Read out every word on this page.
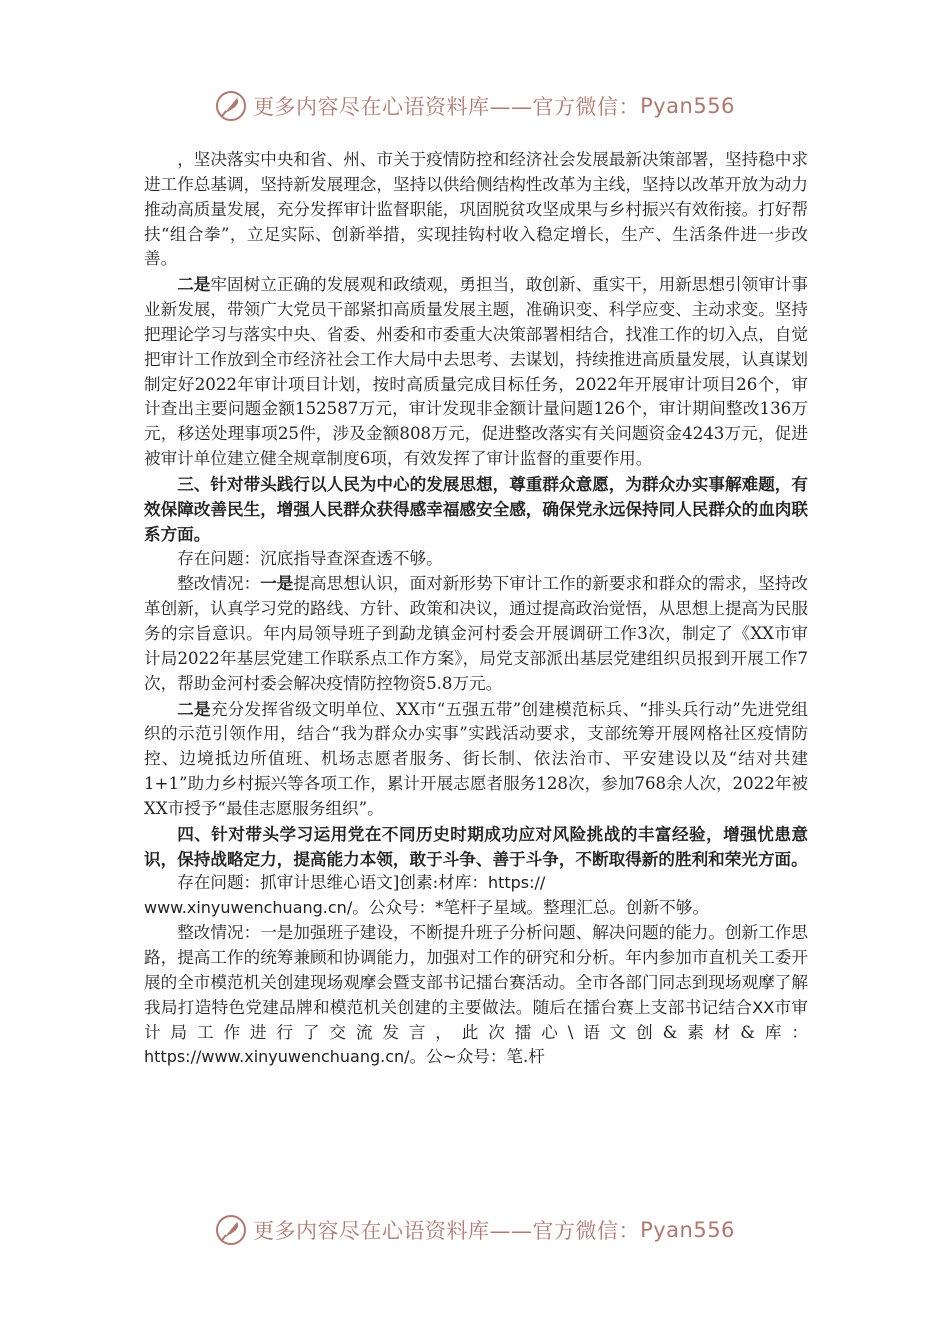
更多内容尽在心语资料库——官方微信： Pyan556

，坚决落实中央和省、州、市关于疫情防控和经济社会发展最新决策部署，坚持稳中求进工作总基调，坚持新发展理念，坚持以供给侧结构性改革为主线，坚持以改革开放为动力推动高质量发展，充分发挥审计监督职能，巩固脱贫攻坚成果与乡村振兴有效衔接。打好帮扶“组合拳”，立足实际、创新举措，实现挂钩村收入稳定增长，生产、生活条件进一步改善。

二是牢固树立正确的发展观和政绩观，勇担当，敢创新、重实干，用新思想引领审计事业新发展，带领广大党员干部紧扣高质量发展主题，准确识变、科学应变、主动求变。坚持把理论学习与落实中央、省委、州委和市委重大决策部署相结合，找准工作的切入点，自觉把审计工作放到全市经济社会工作大局中去思考、去谋划，持续推进高质量发展，认真谋划制定好2022年审计项目计划，按时高质量完成目标任务，2022年开展审计项目26个，审计查出主要问题金额152587万元，审计发现非金额计量问题126个，审计期间整改136万元，移送处理事项25件，涉及金额808万元，促进整改落实有关问题资金4243万元，促进被审计单位建立健全规章制度6项，有效发挥了审计监督的重要作用。

三、针对带头践行以人民为中心的发展思想，尊重群众意愿，为群众办实事解难题，有效保障改善民生，增强人民群众获得感幸福感安全感，确保党永远保持同人民群众的血肉联系方面。

存在问题：沉底指导查深查透不够。

整改情况：一是提高思想认识，面对新形势下审计工作的新要求和群众的需求，坚持改革创新，认真学习党的路线、方针、政策和决议，通过提高政治觉悟，从思想上提高为民服务的宗旨意识。年内局领导班子到勐龙镇金河村委会开展调研工作3次，制定了《XX市审计局2022年基层党建工作联系点工作方案》，局党支部派出基层党建组织员报到开展工作7次，帮助金河村委会解决疫情防控物资5.8万元。

二是充分发挥省级文明单位、XX市“五强五带”创建模范标兵、“排头兵行动”先进党组织的示范引领作用，结合“我为群众办实事”实践活动要求，支部统筹开展网格社区疫情防控、边境抵边所值班、机场志愿者服务、街长制、依法治市、平安建设以及“结对共建1+1”助力乡村振兴等各项工作，累计开展志愿者服务128次，参加768余人次，2022年被XX市授予“最佳志愿服务组织”。

四、针对带头学习运用党在不同历史时期成功应对风险挑战的丰富经验，增强忧患意识，保持战略定力，提高能力本领，敢于斗争、善于斗争，不断取得新的胜利和荣光方面。

存在问题：抓审计思维心语文]创素:材库：https://
www.xinyuwenchuang.cn/。公众号：*笔杆子星域。整理汇总。创新不够。

整改情况：一是加强班子建设，不断提升班子分析问题、解决问题的能力。创新工作思路，提高工作的统筹兼顾和协调能力，加强对工作的研究和分析。年内参加市直机关工委开展的全市模范机关创建现场观摩会暨支部书记擂台赛活动。全市各部门同志到现场观摩了解我局打造特色党建品牌和模范机关创建的主要做法。随后在擂台赛上支部书记结合XX市审计局工作进行了交流发言，此次擂心\语文创&素材&库：https://www.xinyuwenchuang.cn/。公~众号：笔.杆

更多内容尽在心语资料库——官方微信： Pyan556
